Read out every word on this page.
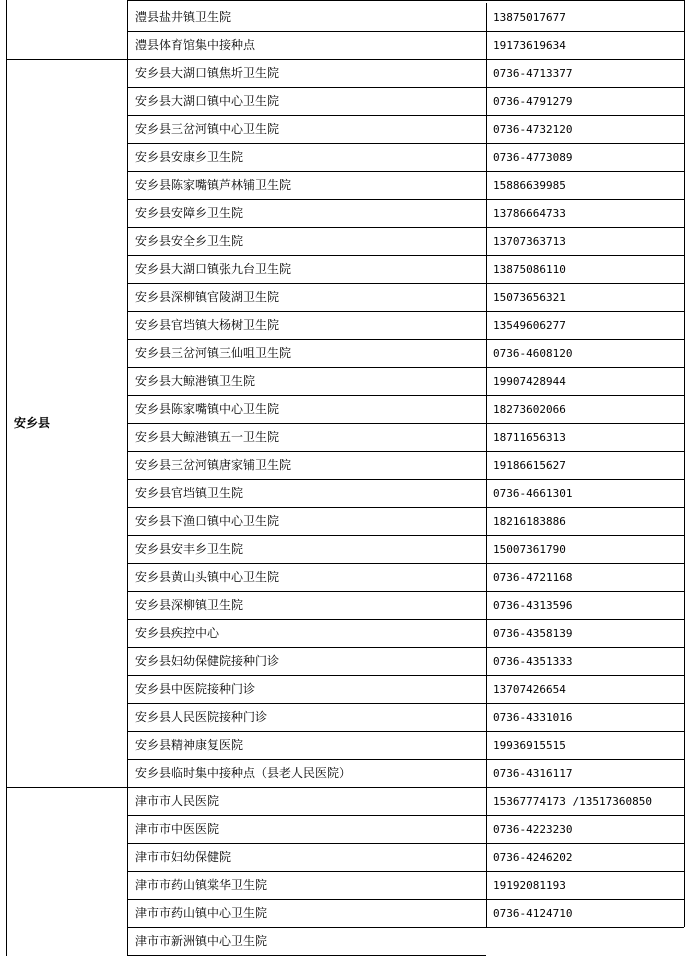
澧县盐井镇卫生院	13875017677
澧县体育馆集中接种点	19173619634
安乡县大湖口镇焦圻卫生院	0736-4713377
安乡县大湖口镇中心卫生院	0736-4791279
安乡县三岔河镇中心卫生院	0736-4732120
安乡县安康乡卫生院	0736-4773089
安乡县陈家嘴镇芦林铺卫生院	15886639985
安乡县安障乡卫生院	13786664733
安乡县安全乡卫生院	13707363713
安乡县大湖口镇张九台卫生院	13875086110
安乡县深柳镇官陵湖卫生院	15073656321
安乡县官垱镇大杨树卫生院	13549606277
安乡县三岔河镇三仙咀卫生院	0736-4608120
安乡县大鲸港镇卫生院	19907428944
安乡县陈家嘴镇中心卫生院	18273602066
安乡县大鲸港镇五一卫生院	18711656313
安乡县三岔河镇唐家铺卫生院	19186615627
安乡县官垱镇卫生院	0736-4661301
安乡县下渔口镇中心卫生院	18216183886
安乡县安丰乡卫生院	15007361790
安乡县黄山头镇中心卫生院	0736-4721168
安乡县深柳镇卫生院	0736-4313596
安乡县疾控中心	0736-4358139
安乡县妇幼保健院接种门诊	0736-4351333
安乡县中医院接种门诊	13707426654
安乡县人民医院接种门诊	0736-4331016
安乡县精神康复医院	19936915515
安乡县临时集中接种点（县老人民医院）	0736-4316117
安乡县
津市市人民医院	15367774173 /13517360850
津市市中医医院	0736-4223230
津市市妇幼保健院	0736-4246202
津市市药山镇棠华卫生院	19192081193
津市市药山镇中心卫生院	0736-4124710
津市市新洲镇中心卫生院
